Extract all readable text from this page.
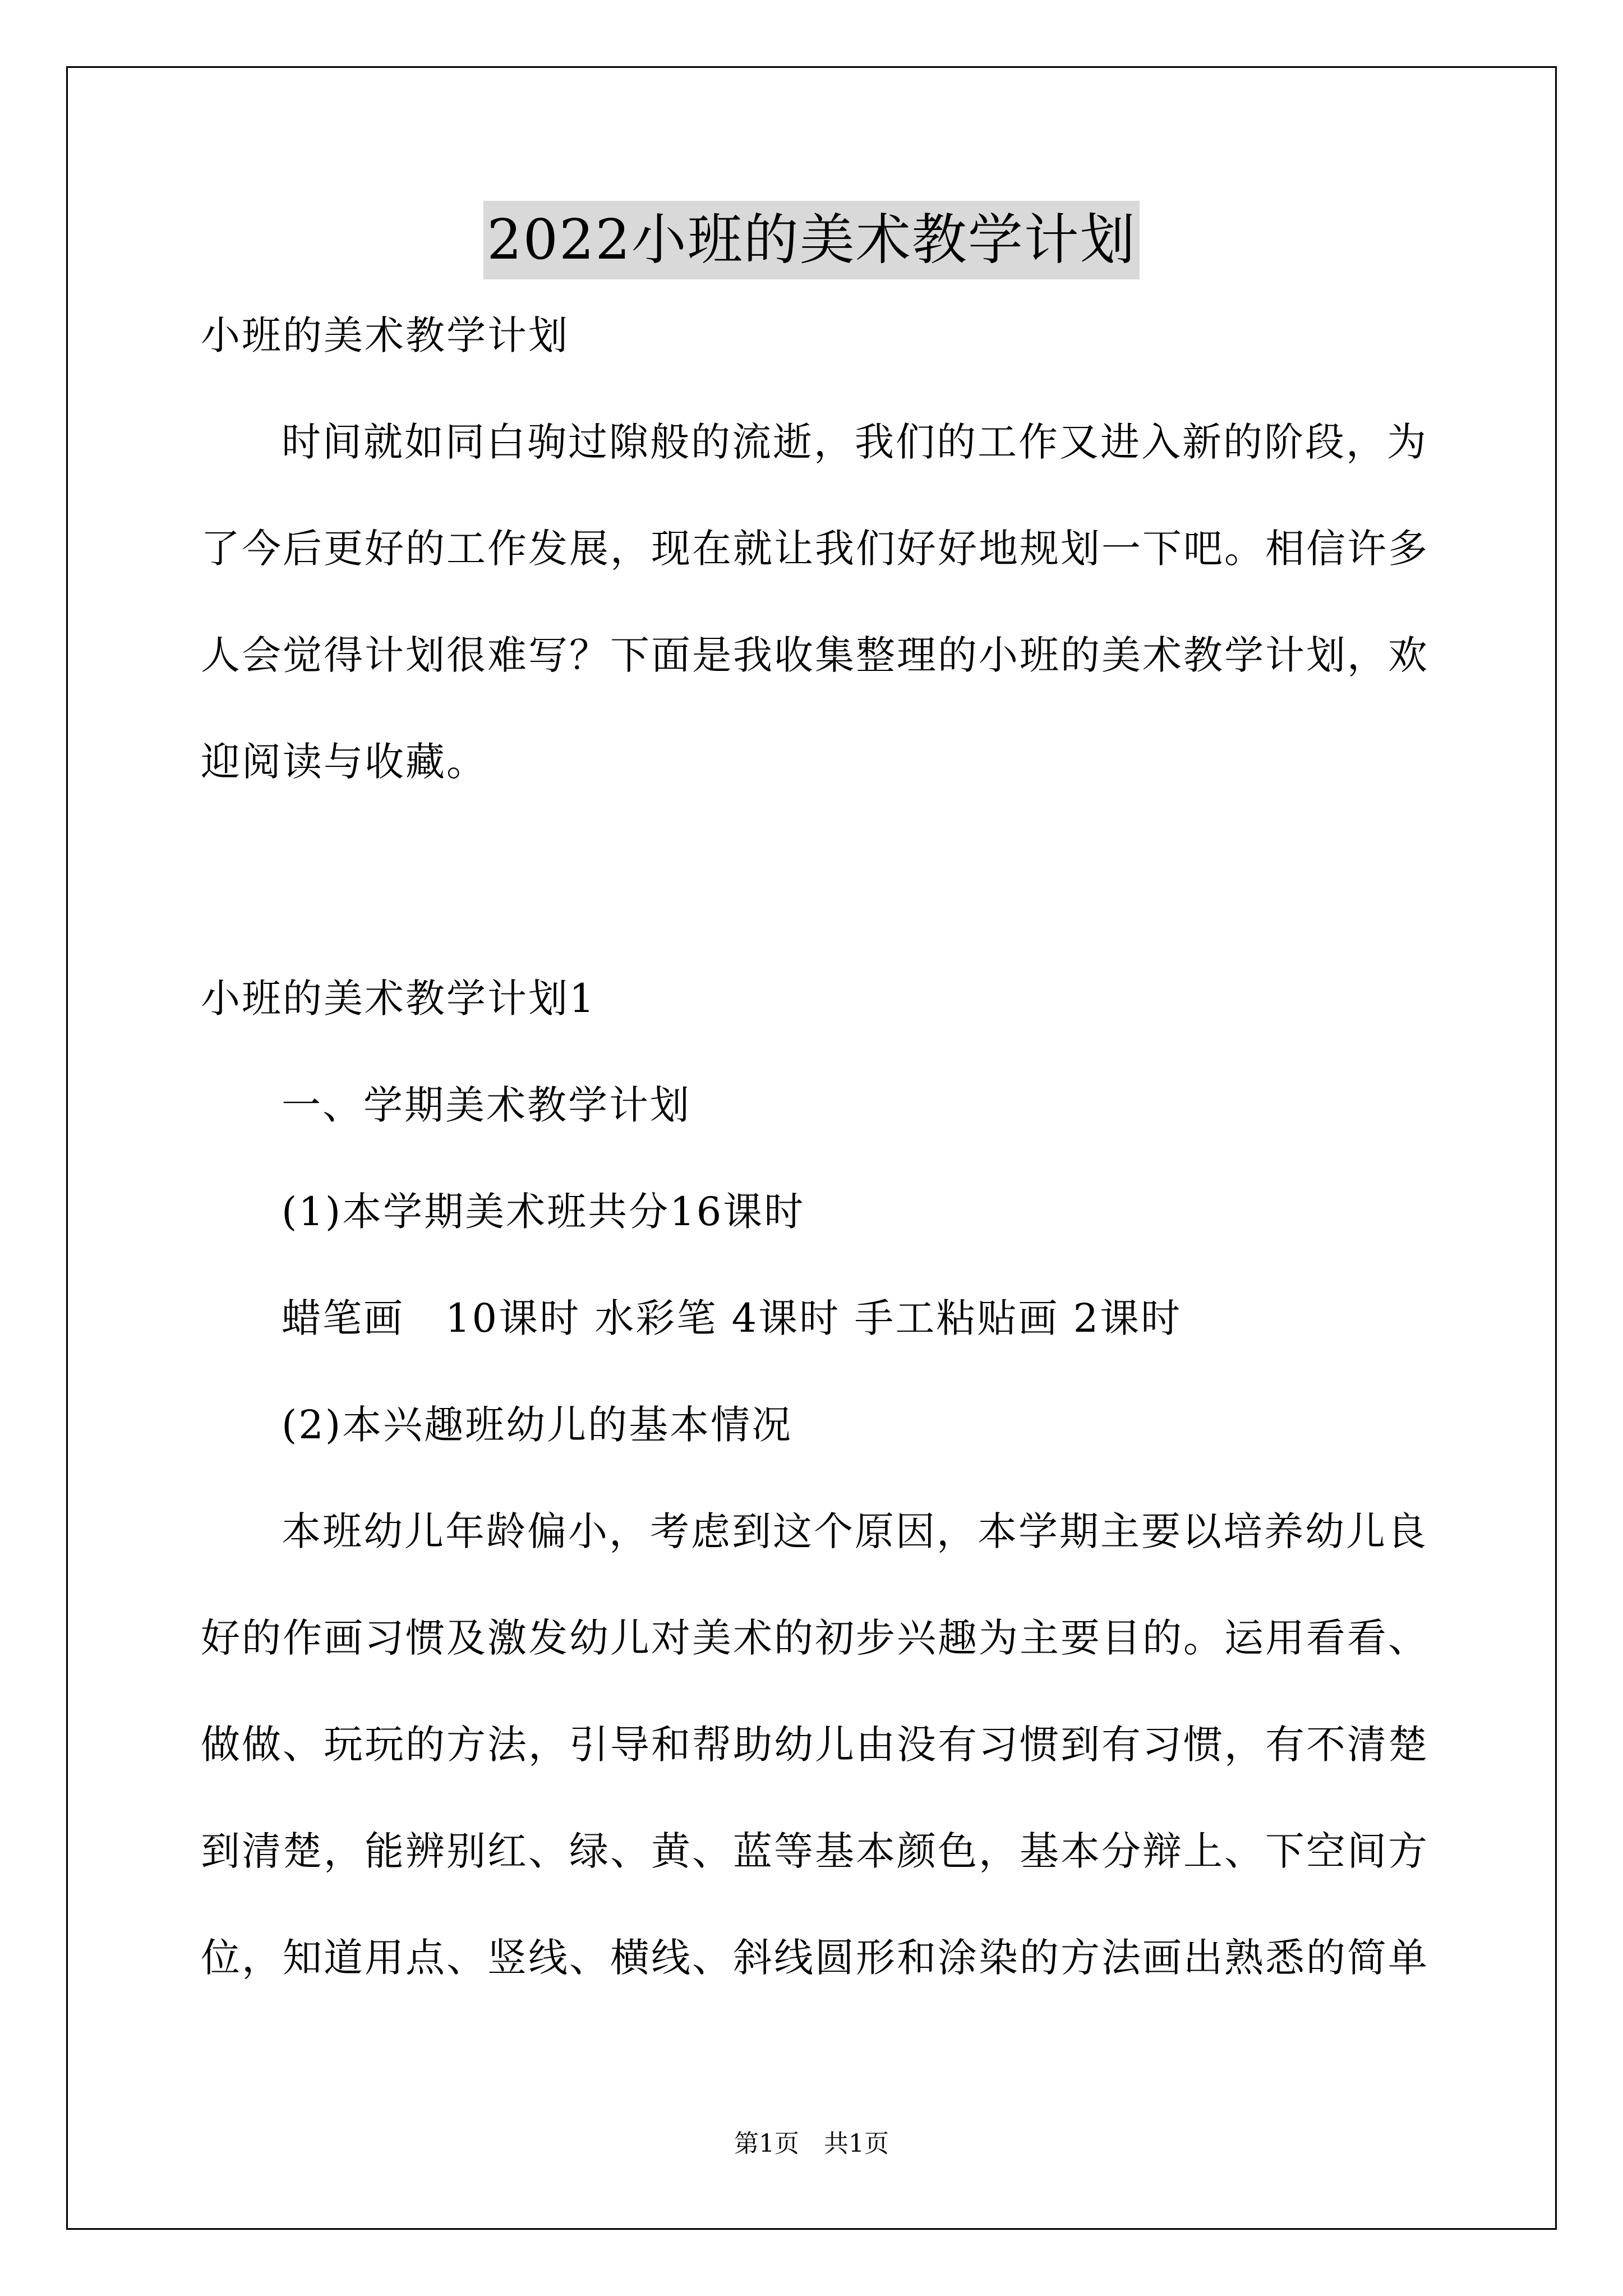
2022小班的美术教学计划
小班的美术教学计划
时间就如同白驹过隙般的流逝，我们的工作又进入新的阶段，为
了今后更好的工作发展，现在就让我们好好地规划一下吧。相信许多
人会觉得计划很难写？下面是我收集整理的小班的美术教学计划，欢
迎阅读与收藏。
小班的美术教学计划1
一、学期美术教学计划
(1)本学期美术班共分16课时
蜡笔画　10课时 水彩笔 4课时 手工粘贴画 2课时
(2)本兴趣班幼儿的基本情况
本班幼儿年龄偏小，考虑到这个原因，本学期主要以培养幼儿良
好的作画习惯及激发幼儿对美术的初步兴趣为主要目的。运用看看、
做做、玩玩的方法，引导和帮助幼儿由没有习惯到有习惯，有不清楚
到清楚，能辨别红、绿、黄、蓝等基本颜色，基本分辩上、下空间方
位，知道用点、竖线、横线、斜线圆形和涂染的方法画出熟悉的简单
第1页　共1页
